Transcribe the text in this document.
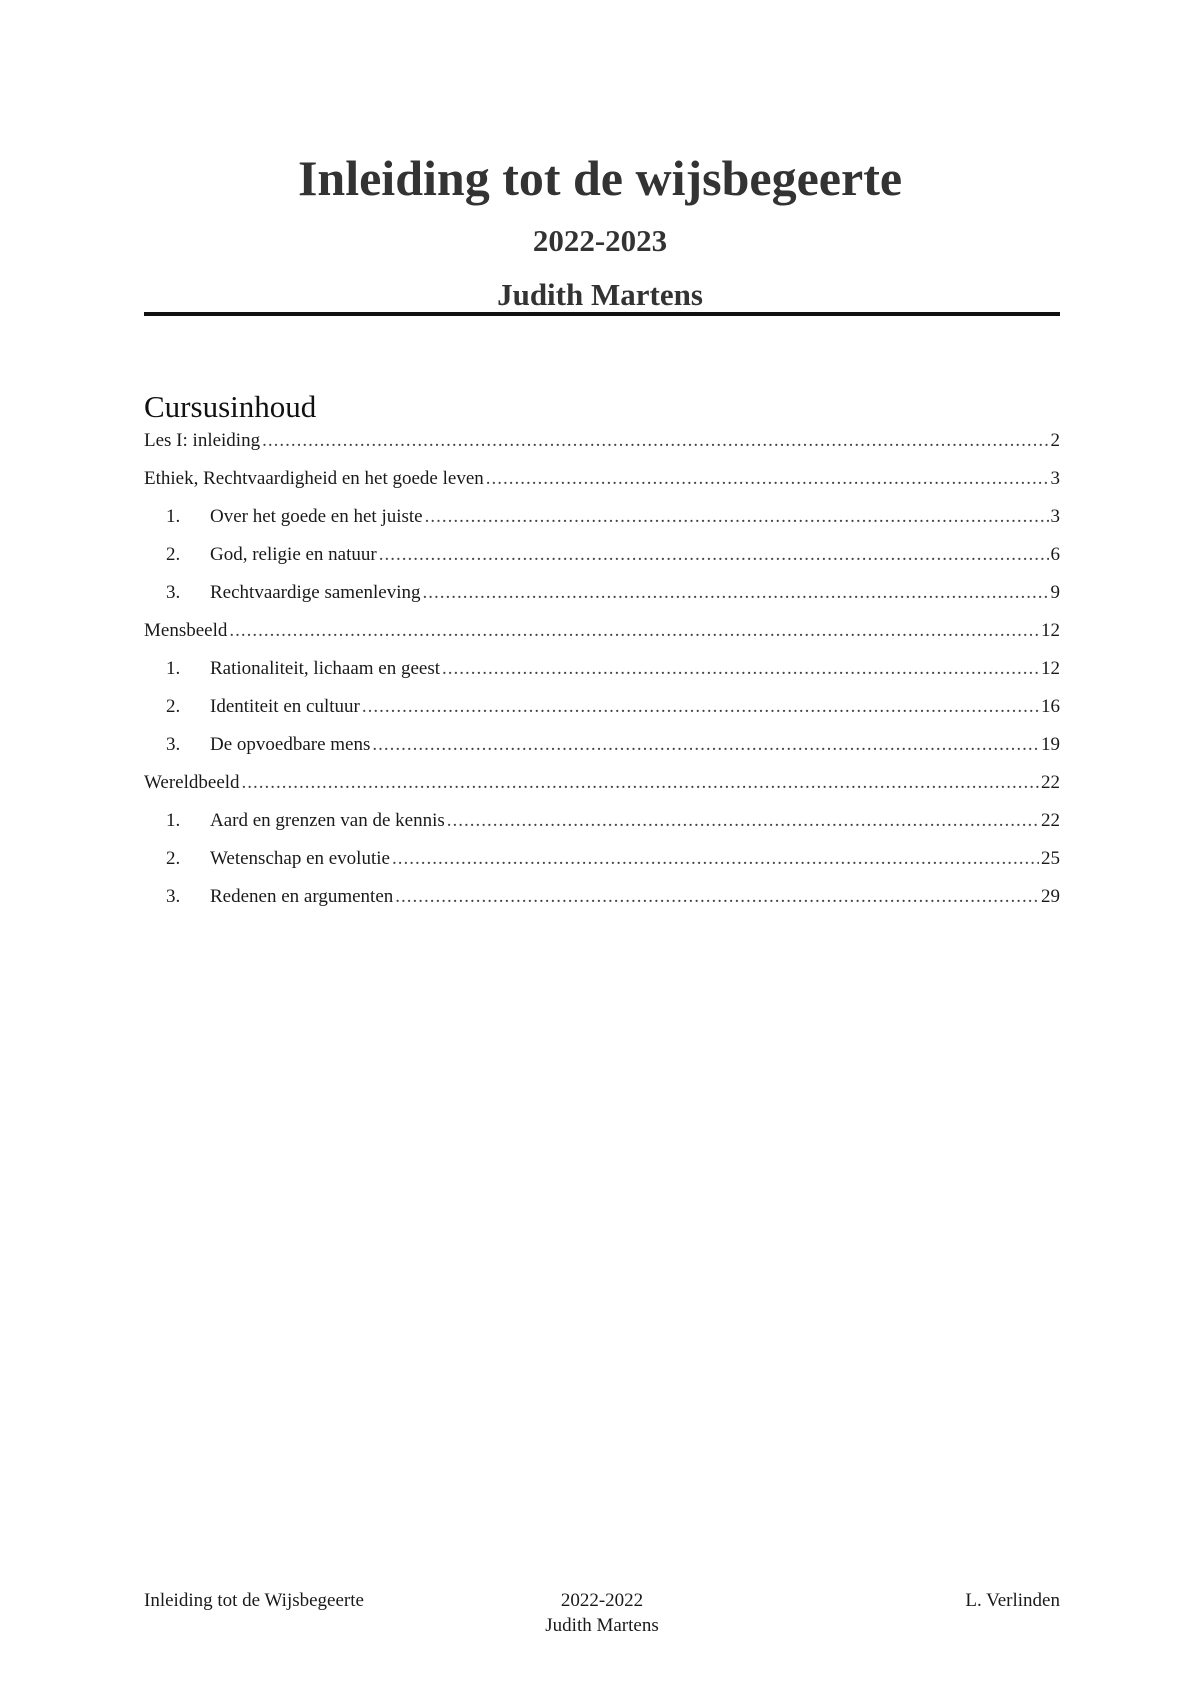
Inleiding tot de wijsbegeerte
2022-2023
Judith Martens
Cursusinhoud
Les I: inleiding .....	2
Ethiek, Rechtvaardigheid en het goede leven .....	3
1.	Over het goede en het juiste .....	3
2.	God, religie en natuur .....	6
3.	Rechtvaardige samenleving .....	9
Mensbeeld .....	12
1.	Rationaliteit, lichaam en geest .....	12
2.	Identiteit en cultuur .....	16
3.	De opvoedbare mens .....	19
Wereldbeeld .....	22
1.	Aard en grenzen van de kennis .....	22
2.	Wetenschap en evolutie .....	25
3.	Redenen en argumenten .....	29
Inleiding tot de Wijsbegeerte	2022-2022
Judith Martens
L. Verlinden
